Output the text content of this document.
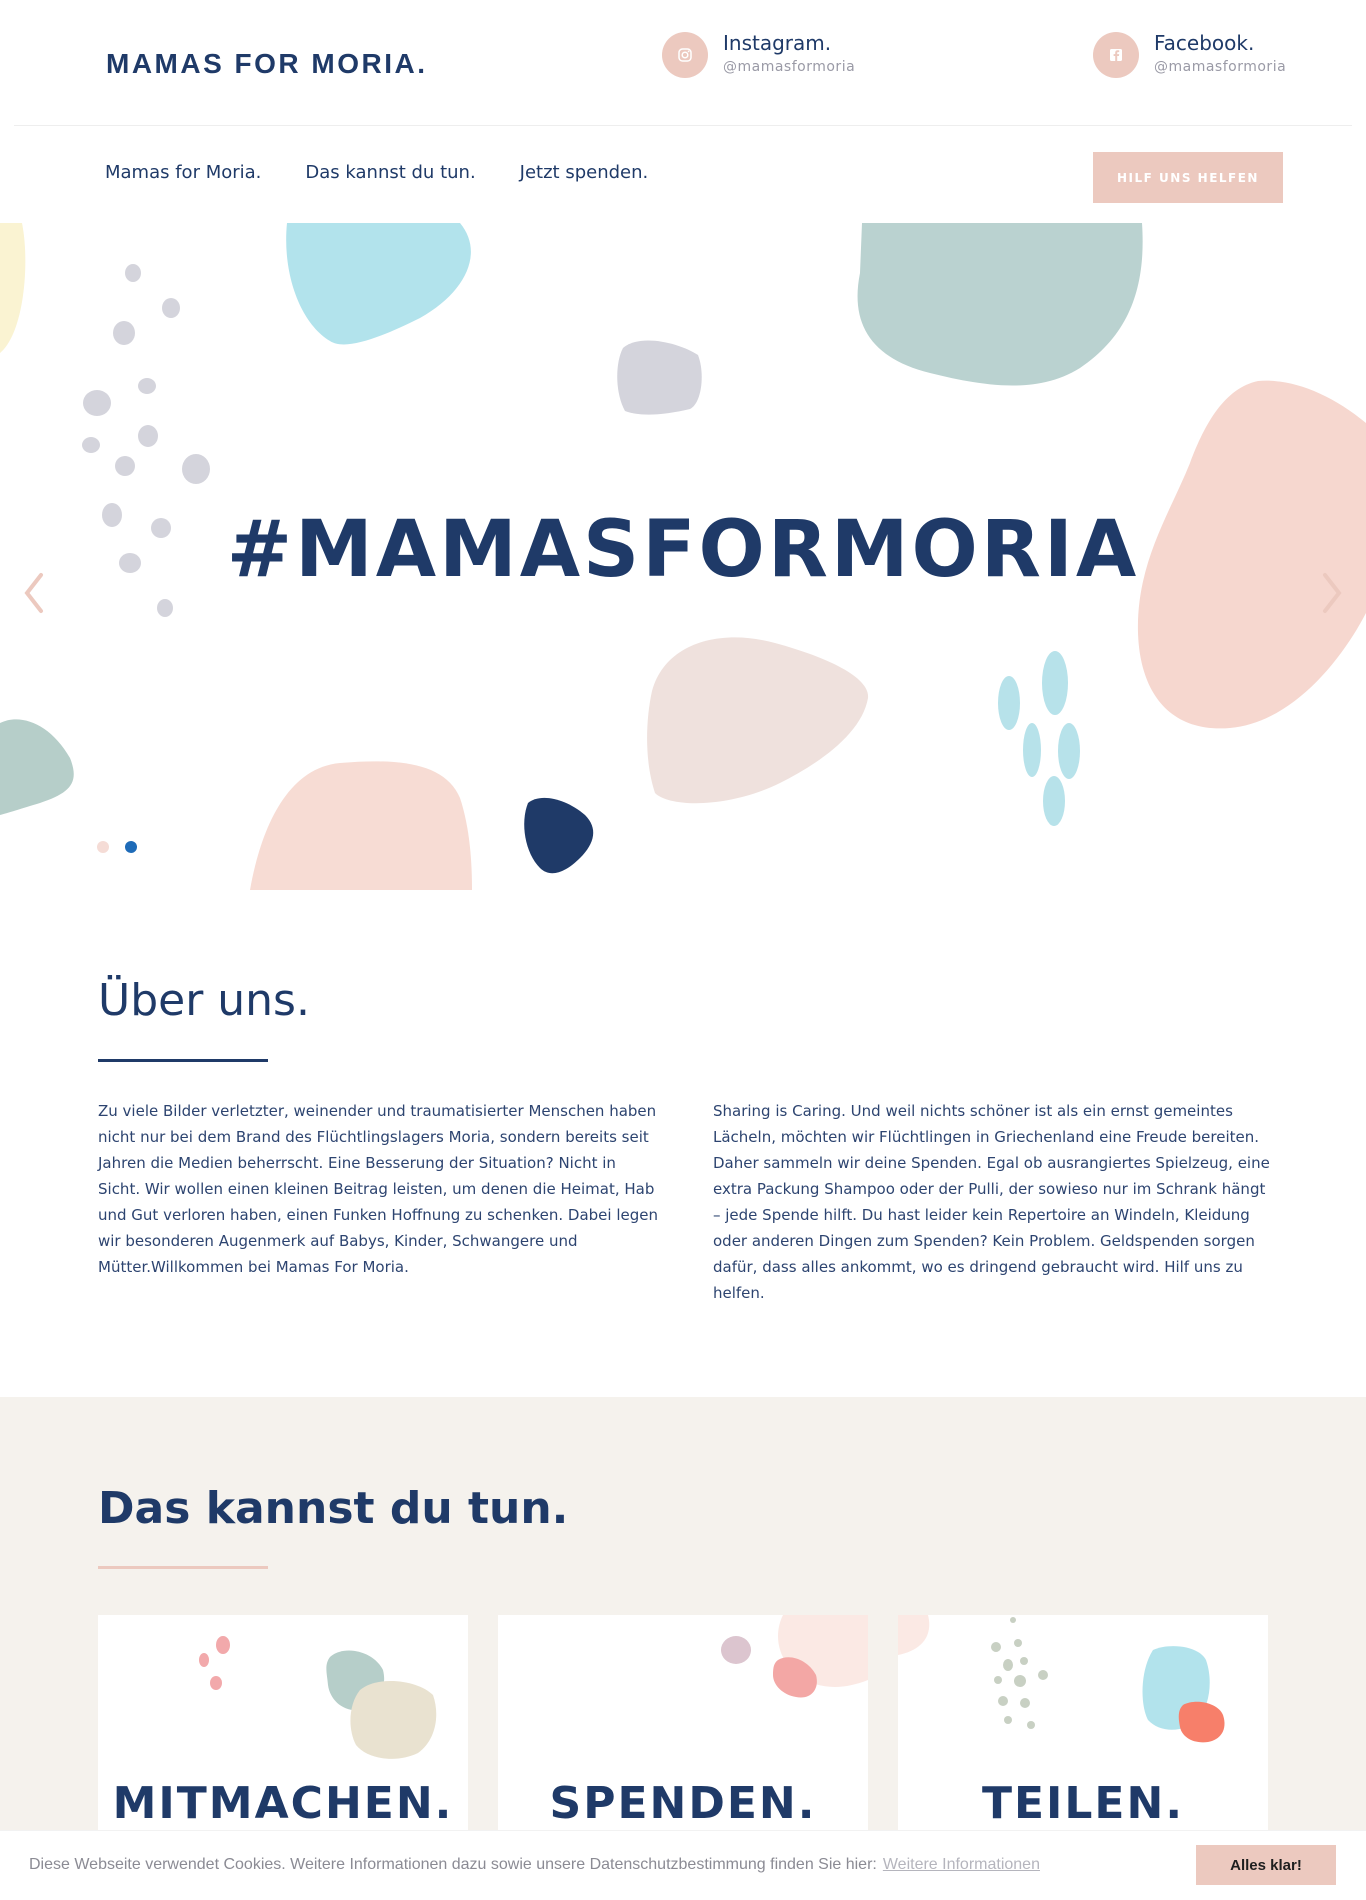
MAMAS FOR MORIA.
Instagram.
@mamasformoria
Facebook.
@mamasformoria
Mamas for Moria. Das kannst du tun. Jetzt spenden.	HILF UNS HELFEN
#MAMASFORMORIA
Über uns.

Zu viele Bilder verletzter, weinender und traumatisierter Menschen haben nicht nur bei dem Brand des Flüchtlingslagers Moria, sondern bereits seit Jahren die Medien beherrscht. Eine Besserung der Situation? Nicht in Sicht. Wir wollen einen kleinen Beitrag leisten, um denen die Heimat, Hab und Gut verloren haben, einen Funken Hoffnung zu schenken. Dabei legen wir besonderen Augenmerk auf Babys, Kinder, Schwangere und Mütter.Willkommen bei Mamas For Moria.

Sharing is Caring. Und weil nichts schöner ist als ein ernst gemeintes Lächeln, möchten wir Flüchtlingen in Griechenland eine Freude bereiten. Daher sammeln wir deine Spenden. Egal ob ausrangiertes Spielzeug, eine extra Packung Shampoo oder der Pulli, der sowieso nur im Schrank hängt – jede Spende hilft. Du hast leider kein Repertoire an Windeln, Kleidung oder anderen Dingen zum Spenden? Kein Problem. Geldspenden sorgen dafür, dass alles ankommt, wo es dringend gebraucht wird. Hilf uns zu helfen.

Das kannst du tun.
MITMACHEN.	SPENDEN.	TEILEN.
Diese Webseite verwendet Cookies. Weitere Informationen dazu sowie unsere Datenschutzbestimmung finden Sie hier: Weitere Informationen	Alles klar!
